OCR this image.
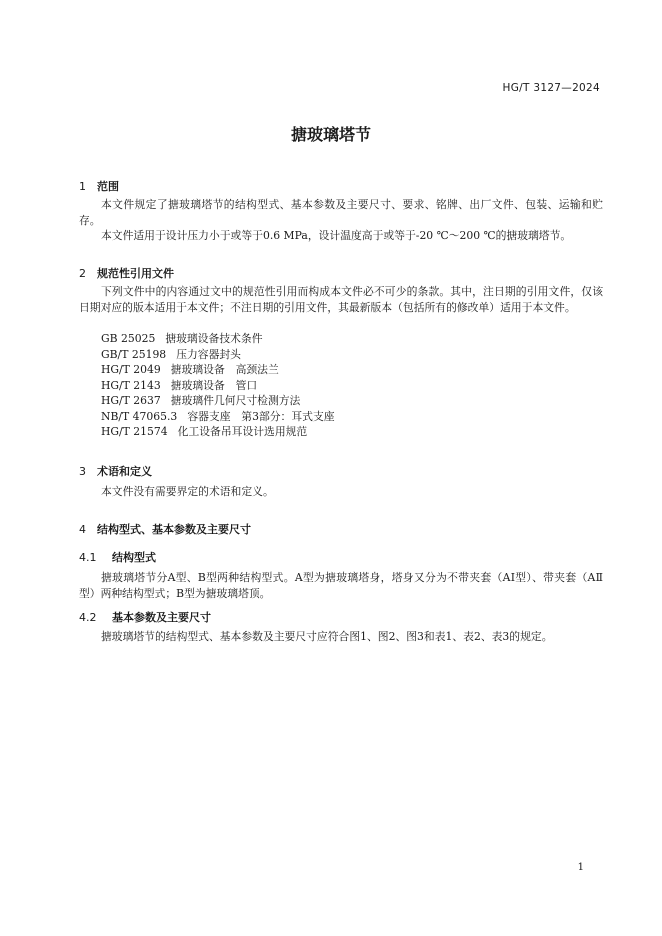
HG/T 3127—2024
搪玻璃塔节
1 范围

本文件规定了搪玻璃塔节的结构型式、基本参数及主要尺寸、要求、铭牌、出厂文件、包装、运输和贮存。

本文件适用于设计压力小于或等于0.6 MPa，设计温度高于或等于-20 ℃～200 ℃的搪玻璃塔节。

2 规范性引用文件

下列文件中的内容通过文中的规范性引用而构成本文件必不可少的条款。其中，注日期的引用文件，仅该日期对应的版本适用于本文件；不注日期的引用文件，其最新版本（包括所有的修改单）适用于本文件。

GB 25025 搪玻璃设备技术条件
GB/T 25198 压力容器封头
HG/T 2049 搪玻璃设备　高颈法兰
HG/T 2143 搪玻璃设备　管口
HG/T 2637 搪玻璃件几何尺寸检测方法
NB/T 47065.3 容器支座　第3部分：耳式支座
HG/T 21574 化工设备吊耳设计选用规范
3 术语和定义

本文件没有需要界定的术语和定义。

4 结构型式、基本参数及主要尺寸
4.1 结构型式

搪玻璃塔节分A型、B型两种结构型式。A型为搪玻璃塔身，塔身又分为不带夹套（AⅠ型）、带夹套（AⅡ型）两种结构型式；B型为搪玻璃塔顶。

4.2 基本参数及主要尺寸

搪玻璃塔节的结构型式、基本参数及主要尺寸应符合图1、图2、图3和表1、表2、表3的规定。

1
